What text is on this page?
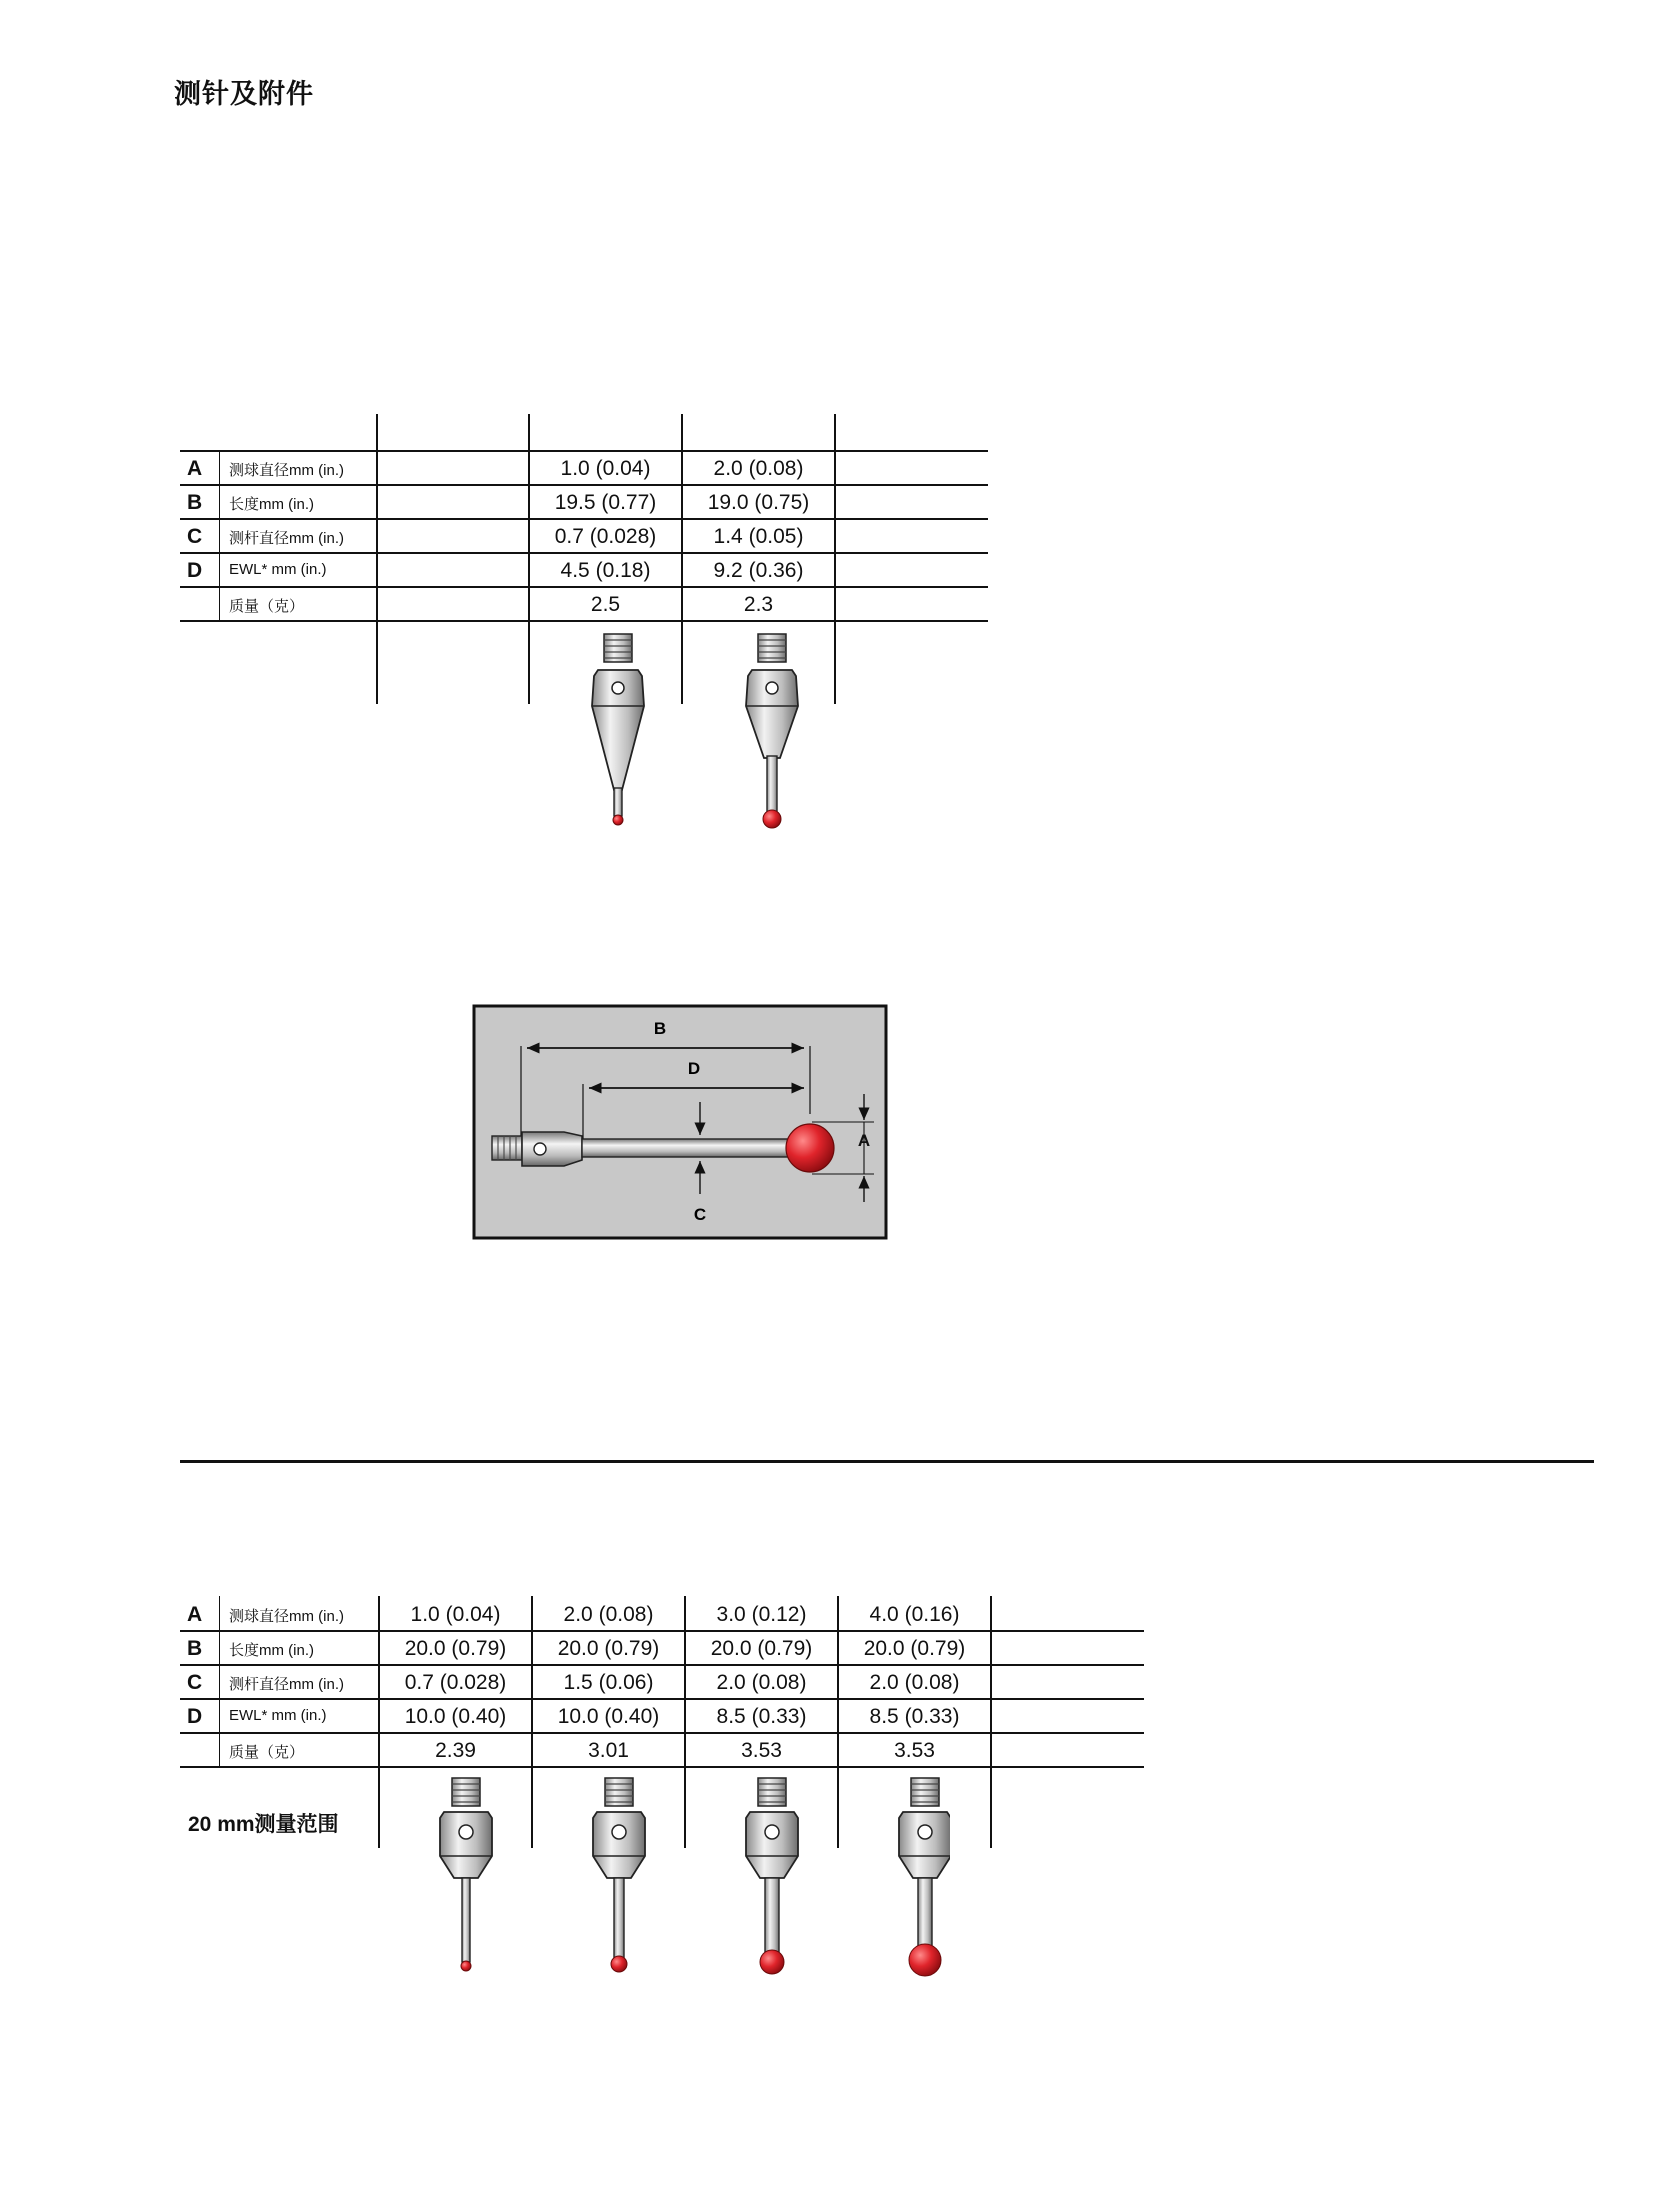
测针及附件
A 测球直径mm (in.)	1.0 (0.04)	2.0 (0.08)
B 长度mm (in.)	19.5 (0.77)	19.0 (0.75)
C 测杆直径mm (in.)	0.7 (0.028)	1.4 (0.05)
D EWL* mm (in.)	4.5 (0.18)	9.2 (0.36)
质量（克）	2.5	2.3
B
D
C
A
A 测球直径mm (in.)	1.0 (0.04)	2.0 (0.08)	3.0 (0.12)	4.0 (0.16)
B 长度mm (in.)	20.0 (0.79)	20.0 (0.79)	20.0 (0.79)	20.0 (0.79)
C 测杆直径mm (in.)	0.7 (0.028)	1.5 (0.06)	2.0 (0.08)	2.0 (0.08)
D EWL* mm (in.)	10.0 (0.40)	10.0 (0.40)	8.5 (0.33)	8.5 (0.33)
质量（克）	2.39	3.01	3.53	3.53
20 mm测量范围
